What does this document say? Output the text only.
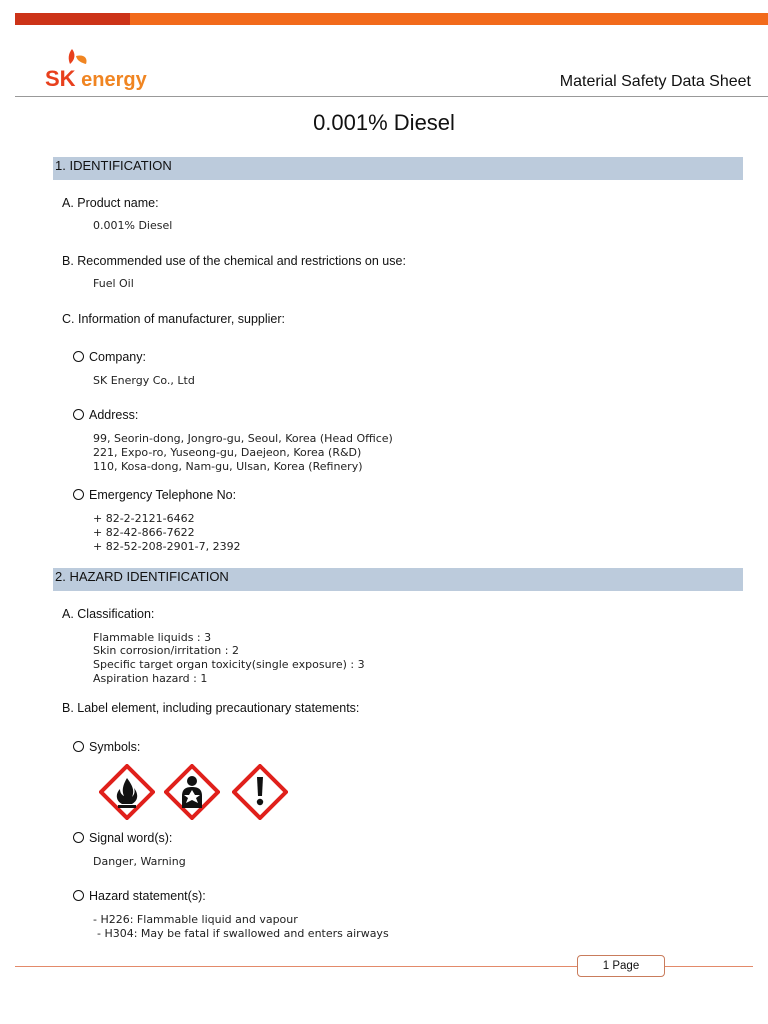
SK energy	Material Safety Data Sheet
0.001% Diesel
1. IDENTIFICATION
A. Product name:
0.001% Diesel
B. Recommended use of the chemical and restrictions on use:
Fuel Oil
C. Information of manufacturer, supplier:
Company:
SK Energy Co., Ltd
Address:
99, Seorin-dong, Jongro-gu, Seoul, Korea (Head Office)
221, Expo-ro, Yuseong-gu, Daejeon, Korea (R&D)
110, Kosa-dong, Nam-gu, Ulsan, Korea (Refinery)
Emergency Telephone No:
+ 82-2-2121-6462
+ 82-42-866-7622
+ 82-52-208-2901-7, 2392
2. HAZARD IDENTIFICATION
A. Classification:
Flammable liquids : 3
Skin corrosion/irritation : 2
Specific target organ toxicity(single exposure) : 3
Aspiration hazard : 1
B. Label element, including precautionary statements:
Symbols:
Signal word(s):
Danger, Warning
Hazard statement(s):
- H226: Flammable liquid and vapour
- H304: May be fatal if swallowed and enters airways
1 Page
